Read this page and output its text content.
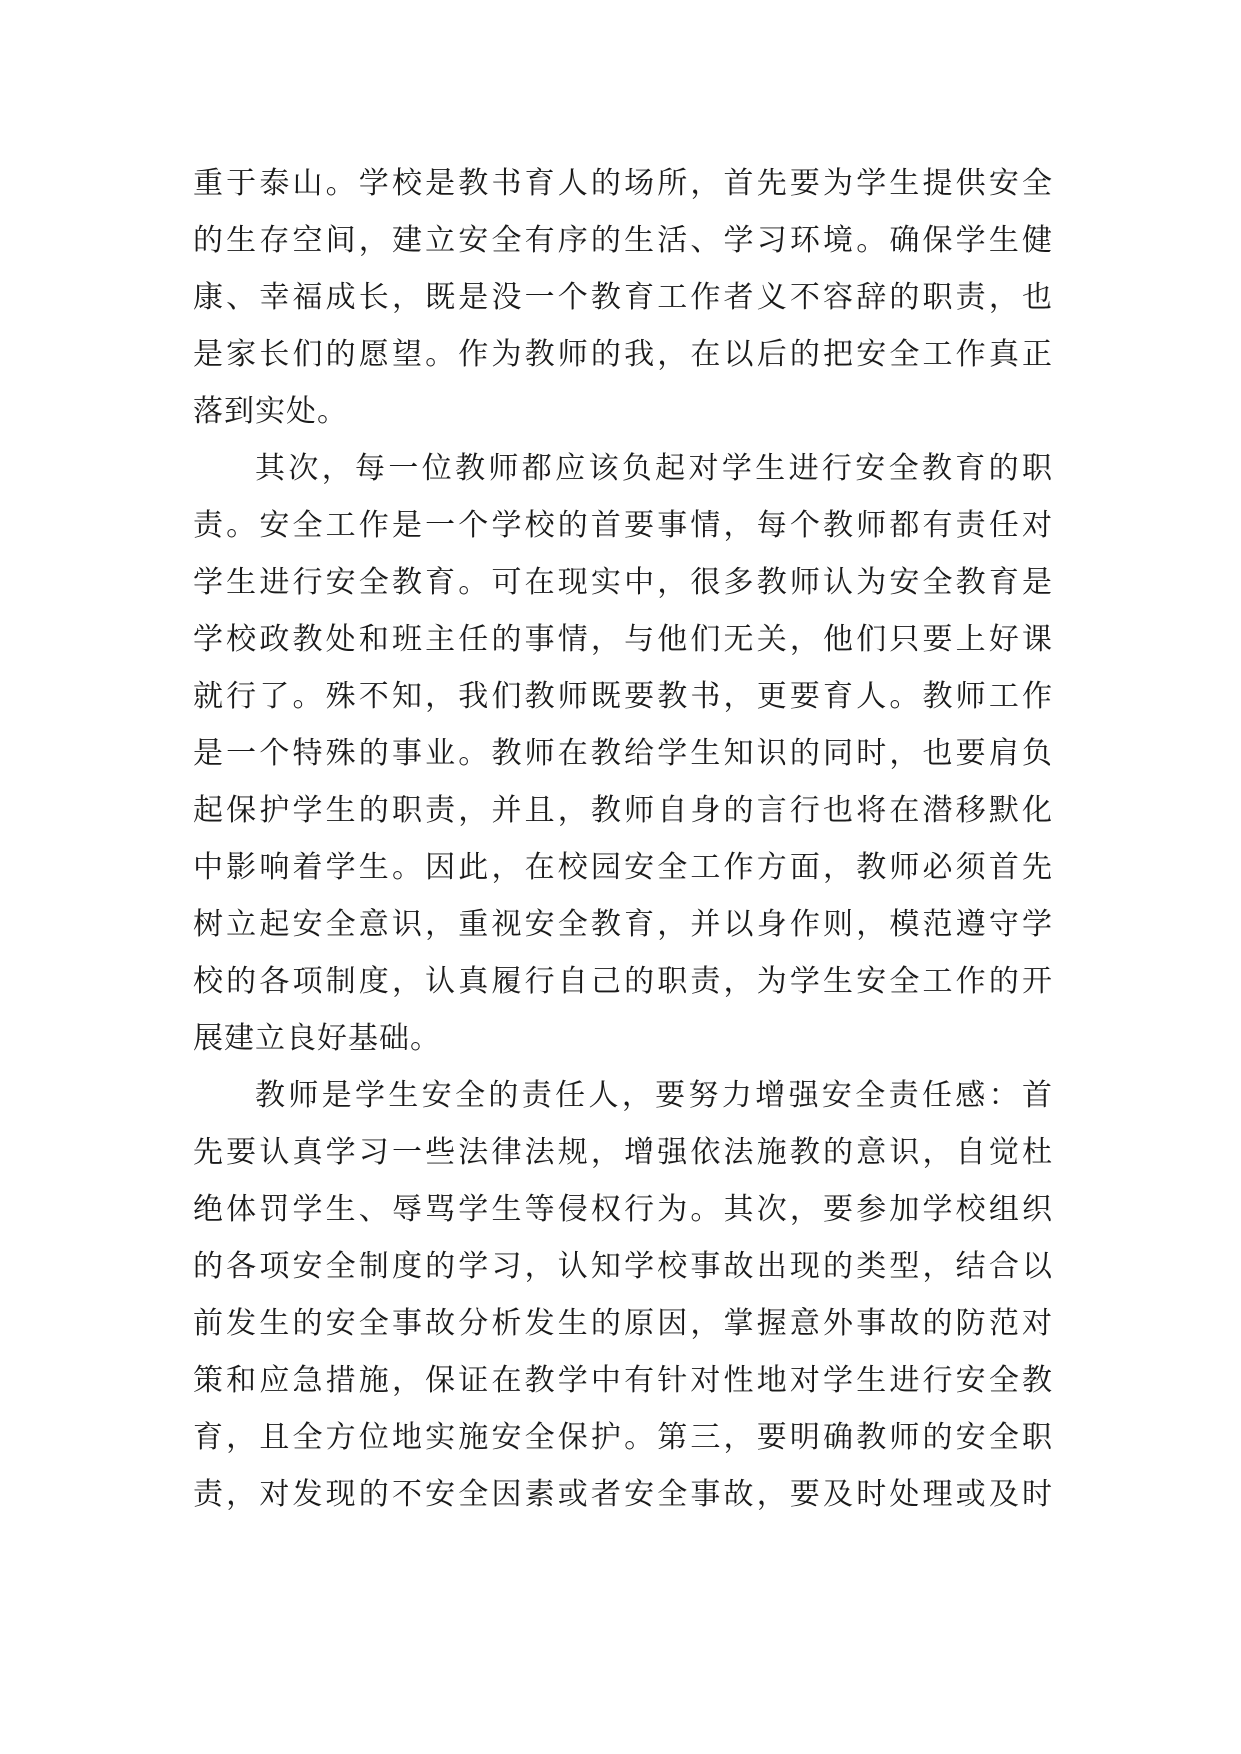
重于泰山。学校是教书育人的场所，首先要为学生提供安全
的生存空间，建立安全有序的生活、学习环境。确保学生健
康、幸福成长，既是没一个教育工作者义不容辞的职责，也
是家长们的愿望。作为教师的我，在以后的把安全工作真正
落到实处。
其次，每一位教师都应该负起对学生进行安全教育的职
责。安全工作是一个学校的首要事情，每个教师都有责任对
学生进行安全教育。可在现实中，很多教师认为安全教育是
学校政教处和班主任的事情，与他们无关，他们只要上好课
就行了。殊不知，我们教师既要教书，更要育人。教师工作
是一个特殊的事业。教师在教给学生知识的同时，也要肩负
起保护学生的职责，并且，教师自身的言行也将在潜移默化
中影响着学生。因此，在校园安全工作方面，教师必须首先
树立起安全意识，重视安全教育，并以身作则，模范遵守学
校的各项制度，认真履行自己的职责，为学生安全工作的开
展建立良好基础。
教师是学生安全的责任人，要努力增强安全责任感：首
先要认真学习一些法律法规，增强依法施教的意识，自觉杜
绝体罚学生、辱骂学生等侵权行为。其次，要参加学校组织
的各项安全制度的学习，认知学校事故出现的类型，结合以
前发生的安全事故分析发生的原因，掌握意外事故的防范对
策和应急措施，保证在教学中有针对性地对学生进行安全教
育，且全方位地实施安全保护。第三，要明确教师的安全职
责，对发现的不安全因素或者安全事故，要及时处理或及时
